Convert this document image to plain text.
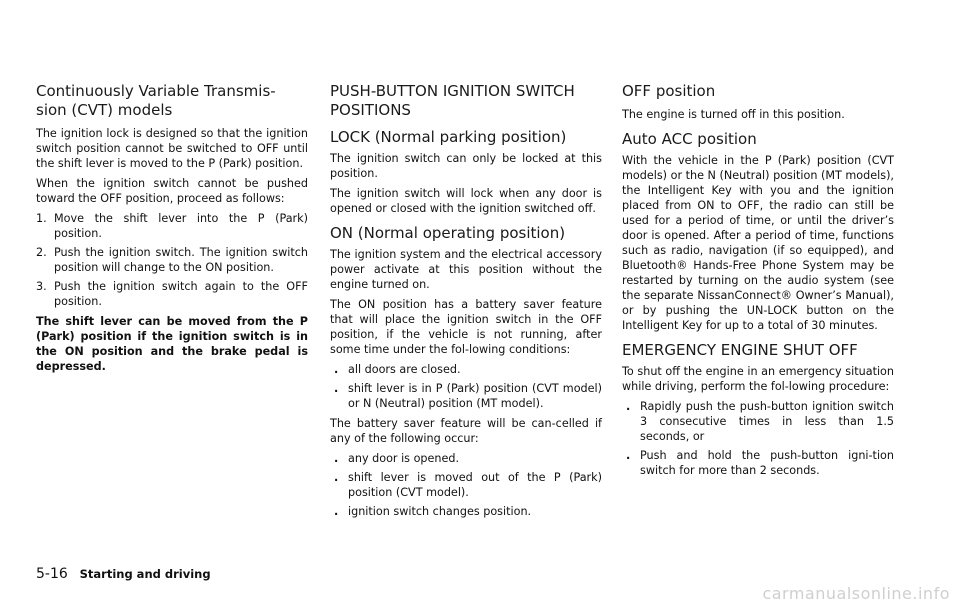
Continuously Variable Transmis-
sion (CVT) models

The ignition lock is designed so that the ignition switch position cannot be switched to OFF until the shift lever is moved to the P (Park) position.

When the ignition switch cannot be pushed toward the OFF position, proceed as follows:

1. Move the shift lever into the P (Park) position.
2. Push the ignition switch. The ignition switch position will change to the ON position.
3. Push the ignition switch again to the OFF position.

The shift lever can be moved from the P (Park) position if the ignition switch is in the ON position and the brake pedal is depressed.

PUSH-BUTTON IGNITION SWITCH POSITIONS
LOCK (Normal parking position)

The ignition switch can only be locked at this position.

The ignition switch will lock when any door is opened or closed with the ignition switched off.

ON (Normal operating position)

The ignition system and the electrical accessory power activate at this position without the engine turned on.

The ON position has a battery saver feature that will place the ignition switch in the OFF position, if the vehicle is not running, after some time under the fol-lowing conditions:

. all doors are closed.
. shift lever is in P (Park) position (CVT model) or N (Neutral) position (MT model).

The battery saver feature will be can-celled if any of the following occur:

. any door is opened.
. shift lever is moved out of the P (Park) position (CVT model).
. ignition switch changes position.
OFF position

The engine is turned off in this position.

Auto ACC position

With the vehicle in the P (Park) position (CVT models) or the N (Neutral) position (MT models), the Intelligent Key with you and the ignition placed from ON to OFF, the radio can still be used for a period of time, or until the driver’s door is opened. After a period of time, functions such as radio, navigation (if so equipped), and Bluetooth® Hands-Free Phone System may be restarted by turning on the audio system (see the separate NissanConnect® Owner’s Manual), or by pushing the UN-LOCK button on the Intelligent Key for up to a total of 30 minutes.

EMERGENCY ENGINE SHUT OFF

To shut off the engine in an emergency situation while driving, perform the fol-lowing procedure:

. Rapidly push the push-button ignition switch 3 consecutive times in less than 1.5 seconds, or
. Push and hold the push-button igni-tion switch for more than 2 seconds.
5-16 Starting and driving
carmanualsonline.info
